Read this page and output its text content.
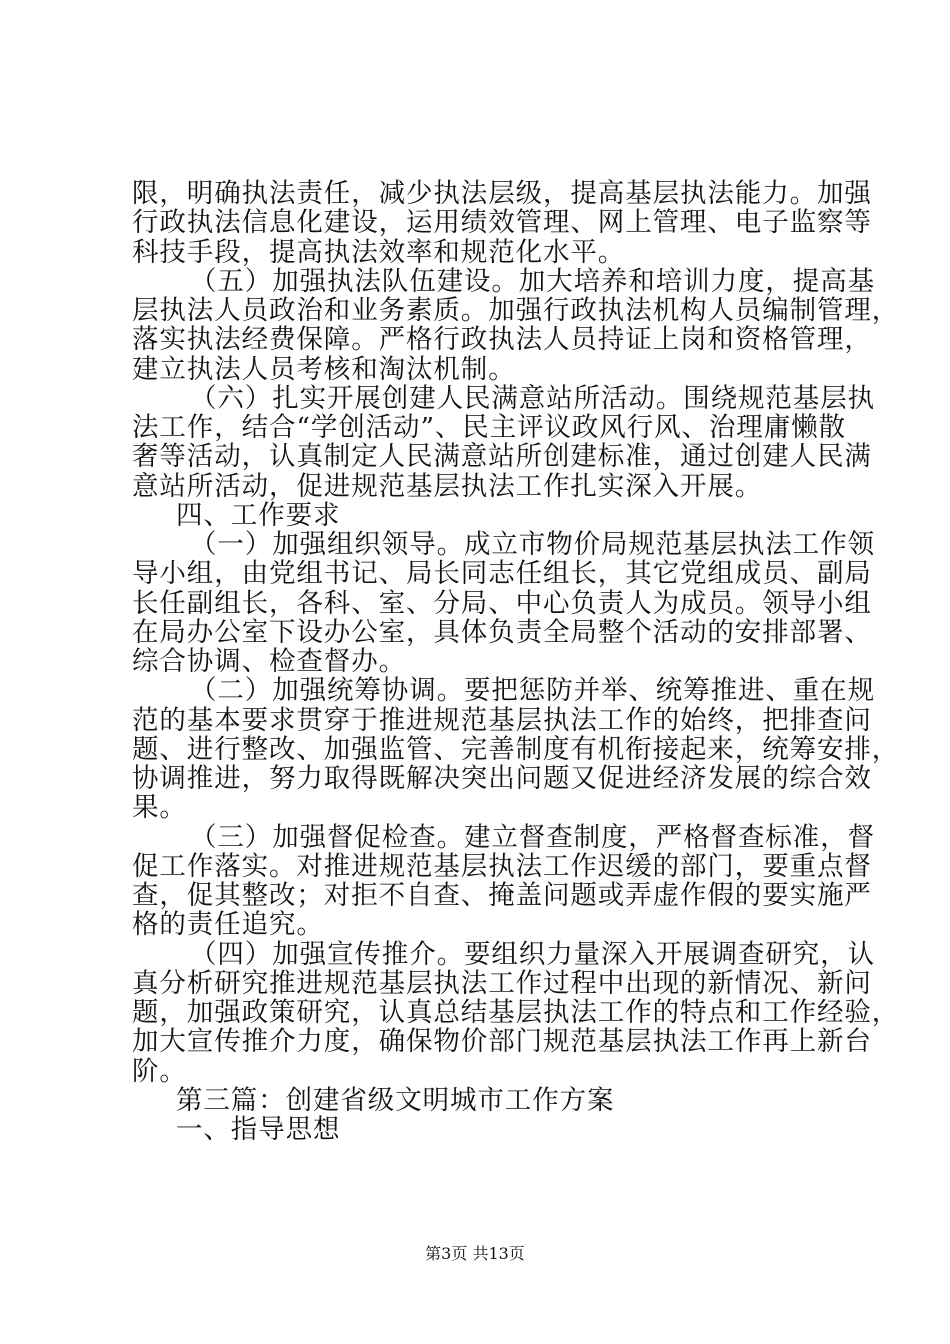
限，明确执法责任，减少执法层级，提高基层执法能力。加强
行政执法信息化建设，运用绩效管理、网上管理、电子监察等
科技手段，提高执法效率和规范化水平。
（五）加强执法队伍建设。加大培养和培训力度，提高基
层执法人员政治和业务素质。加强行政执法机构人员编制管理，
落实执法经费保障。严格行政执法人员持证上岗和资格管理，
建立执法人员考核和淘汰机制。
（六）扎实开展创建人民满意站所活动。围绕规范基层执
法工作，结合“学创活动”、民主评议政风行风、治理庸懒散
奢等活动，认真制定人民满意站所创建标准，通过创建人民满
意站所活动，促进规范基层执法工作扎实深入开展。
四、工作要求
（一）加强组织领导。成立市物价局规范基层执法工作领
导小组，由党组书记、局长同志任组长，其它党组成员、副局
长任副组长，各科、室、分局、中心负责人为成员。领导小组
在局办公室下设办公室，具体负责全局整个活动的安排部署、
综合协调、检查督办。
（二）加强统筹协调。要把惩防并举、统筹推进、重在规
范的基本要求贯穿于推进规范基层执法工作的始终，把排查问
题、进行整改、加强监管、完善制度有机衔接起来，统筹安排，
协调推进，努力取得既解决突出问题又促进经济发展的综合效
果。
（三）加强督促检查。建立督查制度，严格督查标准，督
促工作落实。对推进规范基层执法工作迟缓的部门，要重点督
查，促其整改；对拒不自查、掩盖问题或弄虚作假的要实施严
格的责任追究。
（四）加强宣传推介。要组织力量深入开展调查研究，认
真分析研究推进规范基层执法工作过程中出现的新情况、新问
题，加强政策研究，认真总结基层执法工作的特点和工作经验，
加大宣传推介力度，确保物价部门规范基层执法工作再上新台
阶。
第三篇：创建省级文明城市工作方案
一、指导思想
第3页 共13页
